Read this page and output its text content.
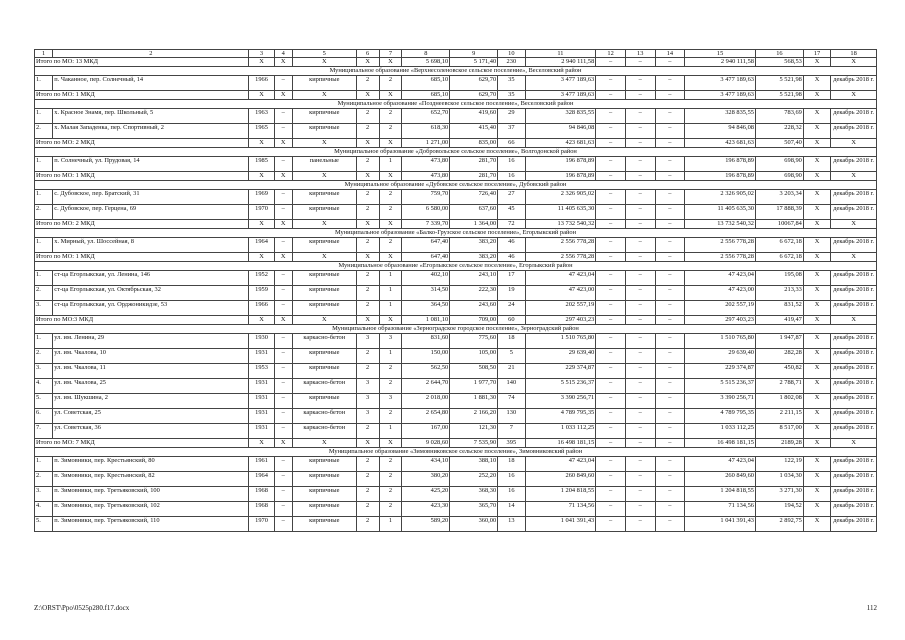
1	2	3	4	5	6	7	8	9	10	11	12	13	14	15	16	17	18
Итого по МО: 13 МКД		X	X	X	X	X	5 698,10	5 171,40	230	2 940 111,58	–	–	–	2 940 111,58	568,53	X	X
Муниципальное образование «Верхнесоленовское сельское поселение», Веселовский район																	
1.	п. Чаканное, пер. Солнечный, 14	1966	–	кирпичные	2	2	685,10	629,70	35	3 477 189,63	–	–	–	3 477 189,63	5 521,98	X	декабрь 2018 г.
Итого по МО: 1 МКД		X	X	X	X	X	685,10	629,70	35	3 477 189,63	–	–	–	3 477 189,63	5 521,98	X	X
Муниципальное образование «Позднеевское сельское поселение», Веселовский район																	
1.	х. Красное Знамя, пер. Школьный, 5	1963	–	кирпичные	2	2	652,70	419,60	29	328 835,55	–	–	–	328 835,55	783,69	X	декабрь 2018 г.
2.	х. Малая Западенка, пер. Спортивный, 2	1965	–	кирпичные	2	2	618,30	415,40	37	94 846,08	–	–	–	94 846,08	228,32	X	декабрь 2018 г.
Итого по МО: 2 МКД		X	X	X	X	X	1 271,00	835,00	66	423 681,63	–	–	–	423 681,63	507,40	X	X
Муниципальное образование «Добровольское сельское поселение», Волгодонской район																	
1.	п. Солнечный, ул. Прудовая, 14	1985	–	панельные	2	1	473,80	281,70	16	196 878,89	–	–	–	196 878,89	698,90	X	декабрь 2018 г.
Итого по МО: 1 МКД		X	X	X	X	X	473,80	281,70	16	196 878,89	–	–	–	196 878,89	698,90	X	X
Муниципальное образование «Дубовское сельское поселение», Дубовский район																	
1.	с. Дубовское, пер. Братский, 31	1969	–	кирпичные	2	2	759,70	726,40	27	2 326 905,02	–	–	–	2 326 905,02	3 203,34	X	декабрь 2018 г.
2.	с. Дубовское, пер. Герцена, 69	1970	–	кирпичные	2	2	6 580,00	637,60	45	11 405 635,30	–	–	–	11 405 635,30	17 888,39	X	декабрь 2018 г.
Итого по МО: 2 МКД		X	X	X	X	X	7 339,70	1 364,00	72	13 732 540,32	–	–	–	13 732 540,32	10067,84	X	X
Муниципальное образование «Балко-Грузское сельское поселение», Егорлыкский район																	
1.	х. Мирный, ул. Шоссейная, 8	1964	–	кирпичные	2	2	647,40	383,20	46	2 556 778,28	–	–	–	2 556 778,28	6 672,18	X	декабрь 2018 г.
Итого по МО: 1 МКД		X	X	X	X	X	647,40	383,20	46	2 556 778,28	–	–	–	2 556 778,28	6 672,18	X	X
Муниципальное образование «Егорлыкское сельское поселение», Егорлыкский район																	
1.	ст-ца Егорлыкская, ул. Ленина, 146	1952	–	кирпичные	2	1	402,10	243,10	17	47 423,04	–	–	–	47 423,04	195,08	X	декабрь 2018 г.
2.	ст-ца Егорлыкская, ул. Октябрьская, 32	1959	–	кирпичные	2	1	314,50	222,30	19	47 423,00	–	–	–	47 423,00	213,33	X	декабрь 2018 г.
3.	ст-ца Егорлыкская, ул. Орджоникидзе, 53	1966	–	кирпичные	2	1	364,50	243,60	24	202 557,19	–	–	–	202 557,19	831,52	X	декабрь 2018 г.
Итого по МО:3 МКД		X	X	X	X	X	1 081,10	709,00	60	297 403,23	–	–	–	297 403,23	419,47	X	X
Муниципальное образование «Зерноградское городское поселение», Зерноградский район																	
1.	ул. им. Ленина, 29	1930	–	каркасно-бетон	3	3	831,60	775,60	18	1 510 765,80	–	–	–	1 510 765,80	1 947,87	X	декабрь 2018 г.
2.	ул. им. Чкалова, 10	1931	–	кирпичные	2	1	150,00	105,00	5	29 639,40	–	–	–	29 639,40	282,28	X	декабрь 2018 г.
3.	ул. им. Чкалова, 11	1953	–	кирпичные	2	2	562,50	508,50	21	229 374,87	–	–	–	229 374,87	450,82	X	декабрь 2018 г.
4.	ул. им. Чкалова, 25	1931	–	каркасно-бетон	3	2	2 644,70	1 977,70	140	5 515 236,37	–	–	–	5 515 236,37	2 788,71	X	декабрь 2018 г.
5.	ул. им. Шукшина, 2	1931	–	кирпичные	3	3	2 018,00	1 881,30	74	3 390 256,71	–	–	–	3 390 256,71	1 802,08	X	декабрь 2018 г.
6.	ул. Советская, 25	1931	–	каркасно-бетон	3	2	2 654,80	2 166,20	130	4 789 795,35	–	–	–	4 789 795,35	2 211,15	X	декабрь 2018 г.
7.	ул. Советская, 36	1931	–	каркасно-бетон	2	1	167,00	121,30	7	1 033 112,25	–	–	–	1 033 112,25	8 517,00	X	декабрь 2018 г.
Итого по МО: 7 МКД		X	X	X	X	X	9 028,60	7 535,90	395	16 498 181,15	–	–	–	16 498 181,15	2189,28	X	X
Муниципальное образование «Зимовниковское сельское поселение», Зимовниковский район																	
1.	п. Зимовники, пер. Крестьянский, 80	1961	–	кирпичные	2	2	434,10	388,10	18	47 423,04	–	–	–	47 423,04	122,19	X	декабрь 2018 г.
2.	п. Зимовники, пер. Крестьянский, 82	1964	–	кирпичные	2	2	380,20	252,20	16	260 849,60	–	–	–	260 849,60	1 034,30	X	декабрь 2018 г.
3.	п. Зимовники, пер. Третьяковский, 100	1968	–	кирпичные	2	2	425,20	368,30	16	1 204 818,55	–	–	–	1 204 818,55	3 271,30	X	декабрь 2018 г.
4.	п. Зимовники, пер. Третьяковский, 102	1968	–	кирпичные	2	2	423,30	365,70	14	71 134,56	–	–	–	71 134,56	194,52	X	декабрь 2018 г.
5.	п. Зимовники, пер. Третьяковский, 110	1970	–	кирпичные	2	1	589,20	360,00	13	1 041 391,43	–	–	–	1 041 391,43	2 892,75	X	декабрь 2018 г.
Z:\ORST\Ppo\0525p280.f17.docx	112
